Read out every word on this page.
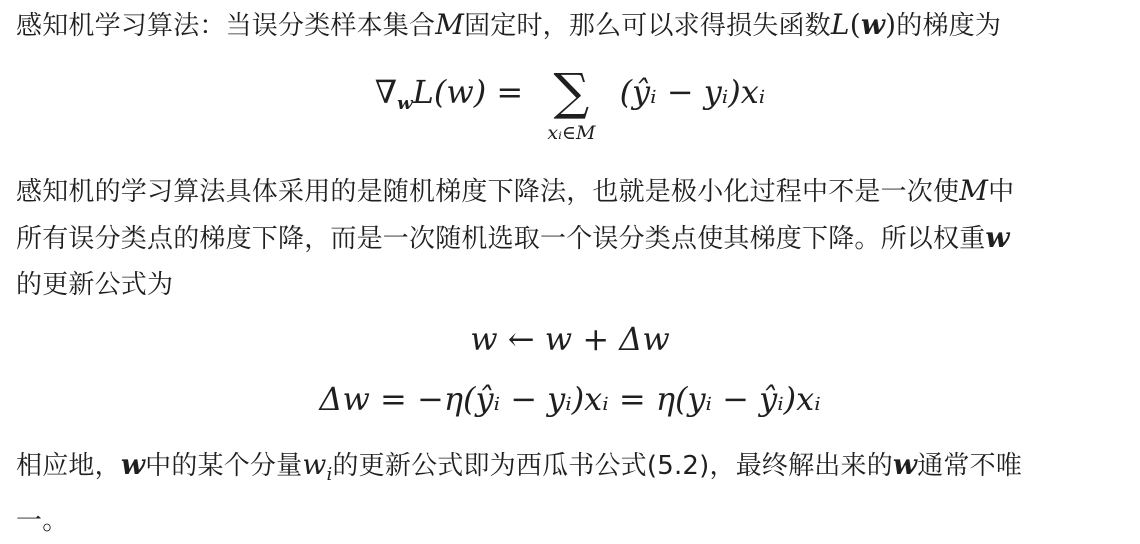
感知机学习算法：当误分类样本集合M固定时，那么可以求得损失函数L(w)的梯度为

$\nabla_wL(w)$ = ∑
xᵢ∈M
(ŷᵢ − yᵢ)xᵢ

感知机的学习算法具体采用的是随机梯度下降法，也就是极小化过程中不是一次使M中
所有误分类点的梯度下降，而是一次随机选取一个误分类点使其梯度下降。所以权重w
的更新公式为

w ← w + Δw
Δw = −η(ŷᵢ − yᵢ)xᵢ = η(yᵢ − ŷᵢ)xᵢ

相应地，w中的某个分量$w_i$的更新公式即为西瓜书公式(5.2)，最终解出来的w通常不唯
一。
